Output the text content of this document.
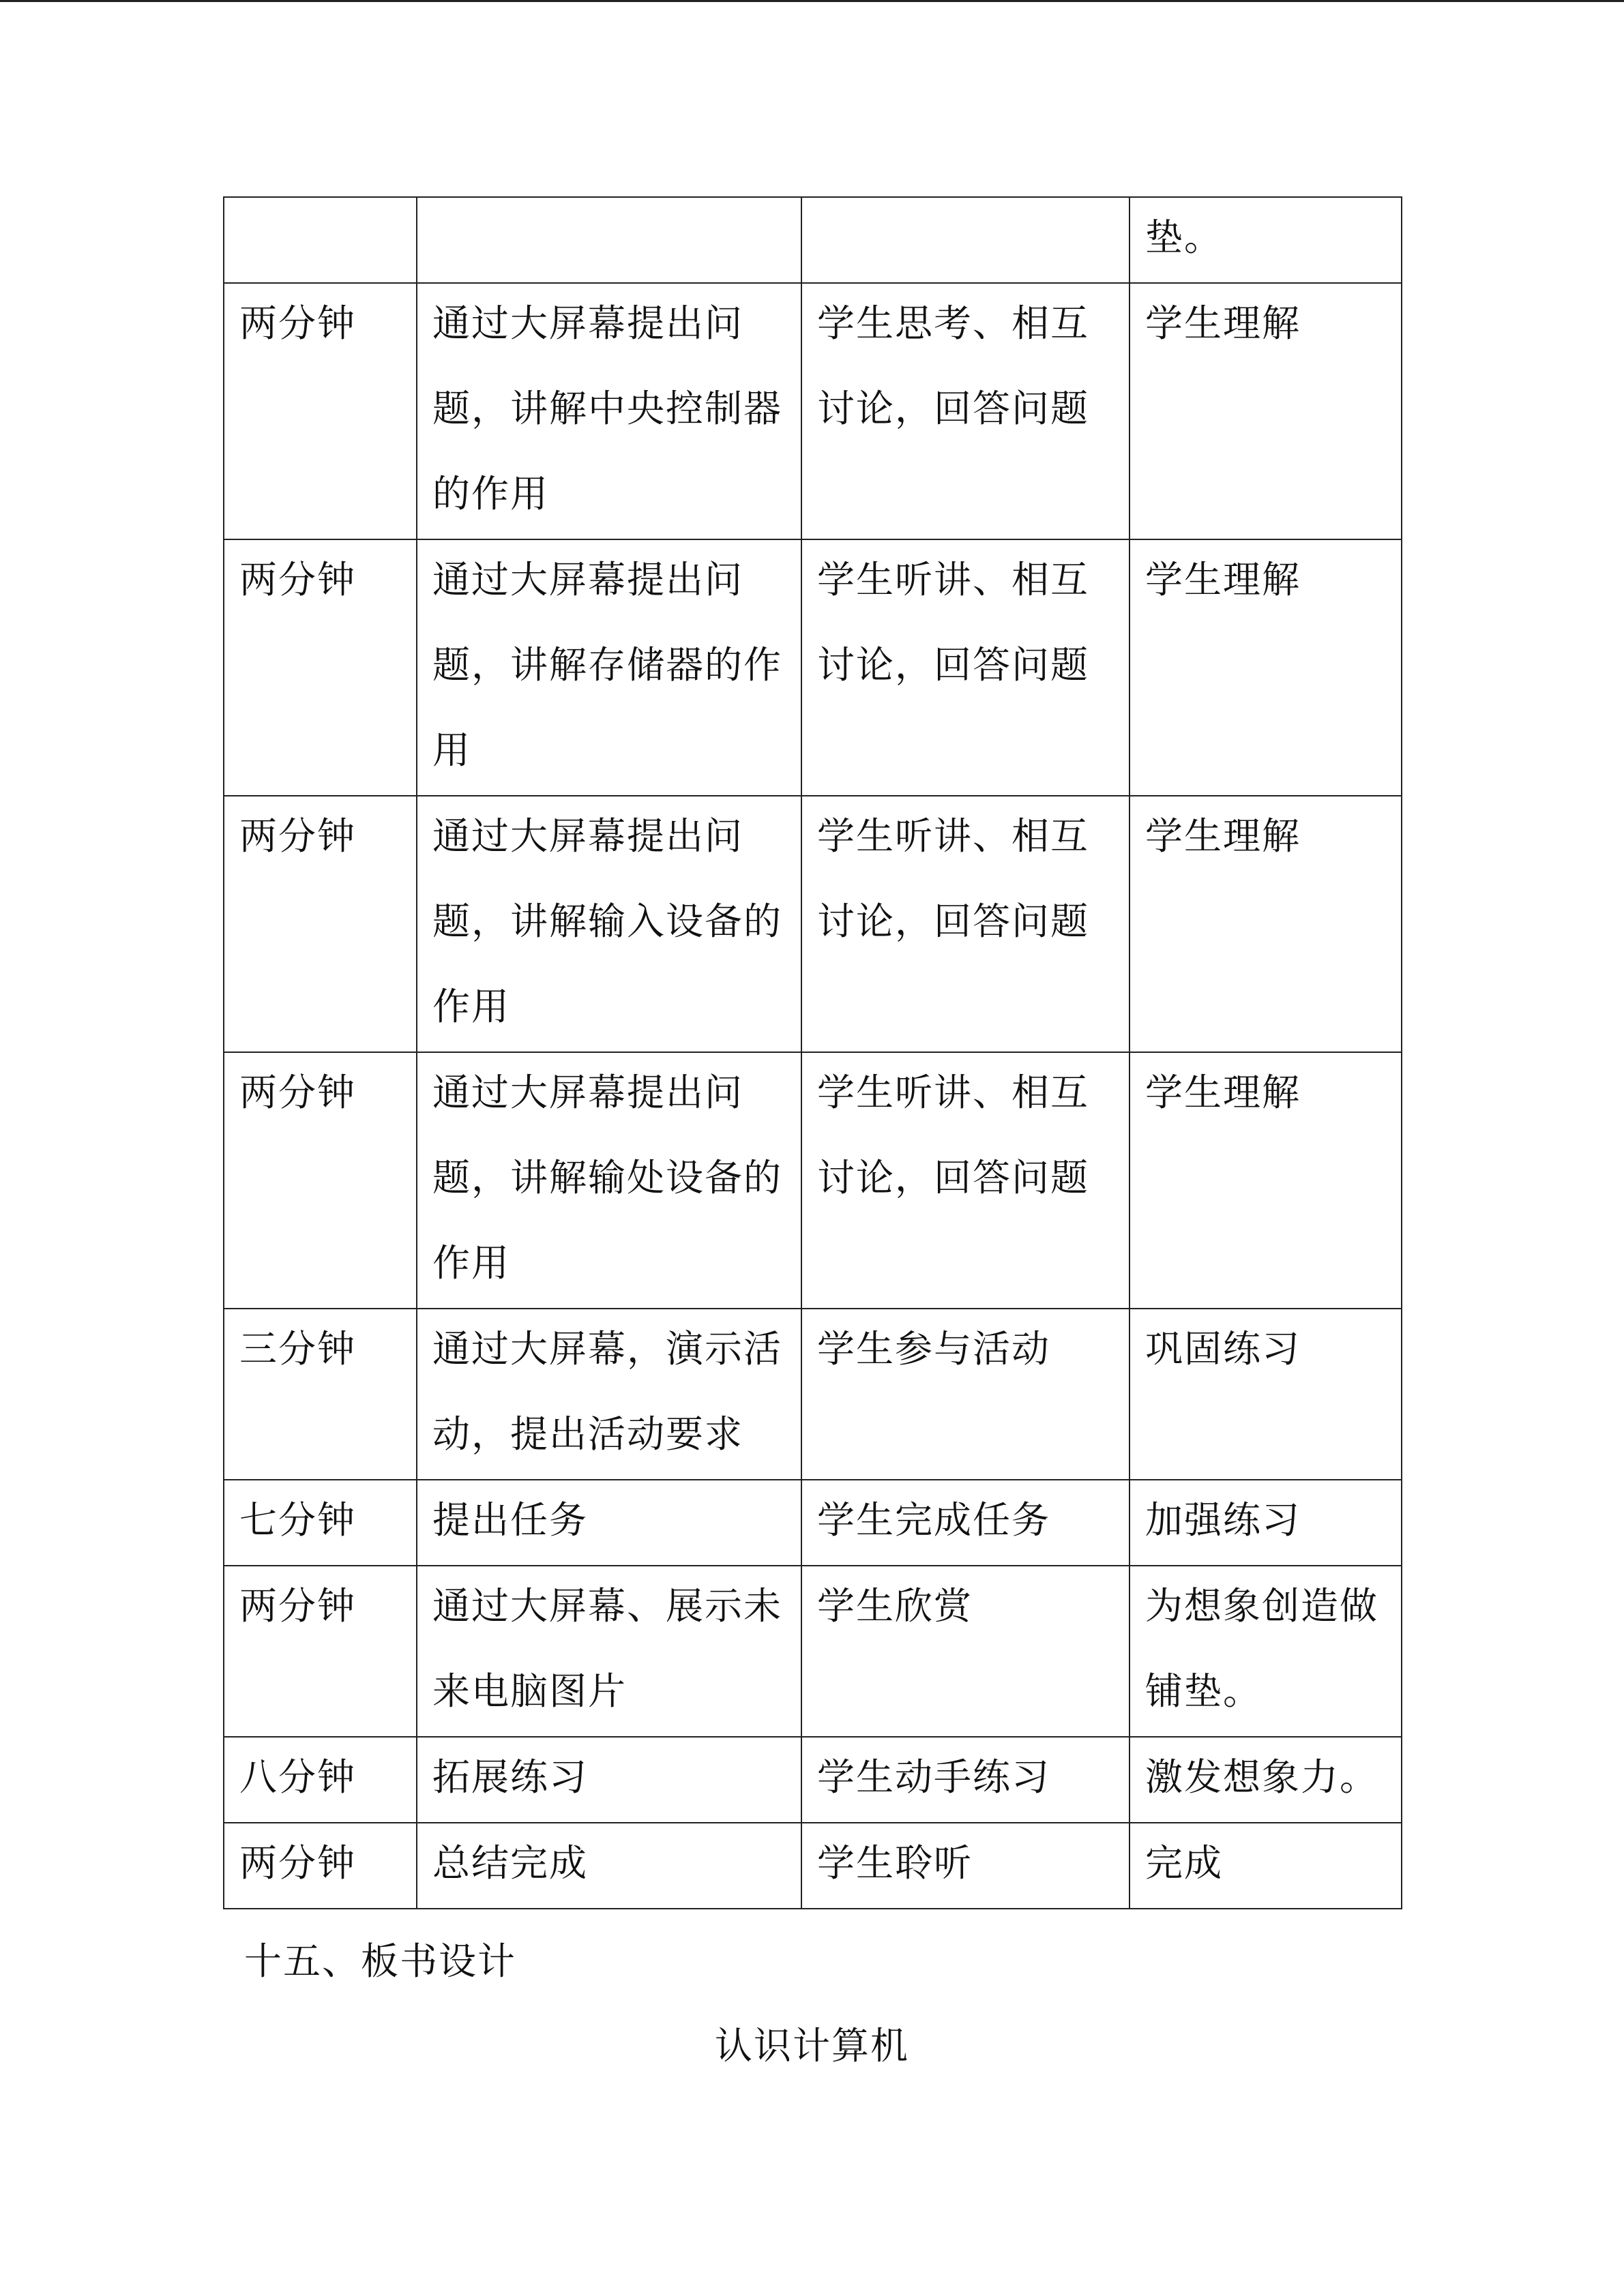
			垫。

两分钟	通过大屏幕提出问题，讲解中央控制器的作用	学生思考、相互讨论，回答问题	学生理解

两分钟	通过大屏幕提出问题，讲解存储器的作用	学生听讲、相互讨论，回答问题	学生理解

两分钟	通过大屏幕提出问题，讲解输入设备的作用	学生听讲、相互讨论，回答问题	学生理解

两分钟	通过大屏幕提出问题，讲解输处设备的作用	学生听讲、相互讨论，回答问题	学生理解

三分钟	通过大屏幕，演示活动，提出活动要求	学生参与活动	巩固练习

七分钟	提出任务	学生完成任务	加强练习

两分钟	通过大屏幕、展示未来电脑图片	学生欣赏	为想象创造做铺垫。

八分钟	拓展练习	学生动手练习	激发想象力。

两分钟	总结完成	学生聆听	完成
十五、板书设计
认识计算机
